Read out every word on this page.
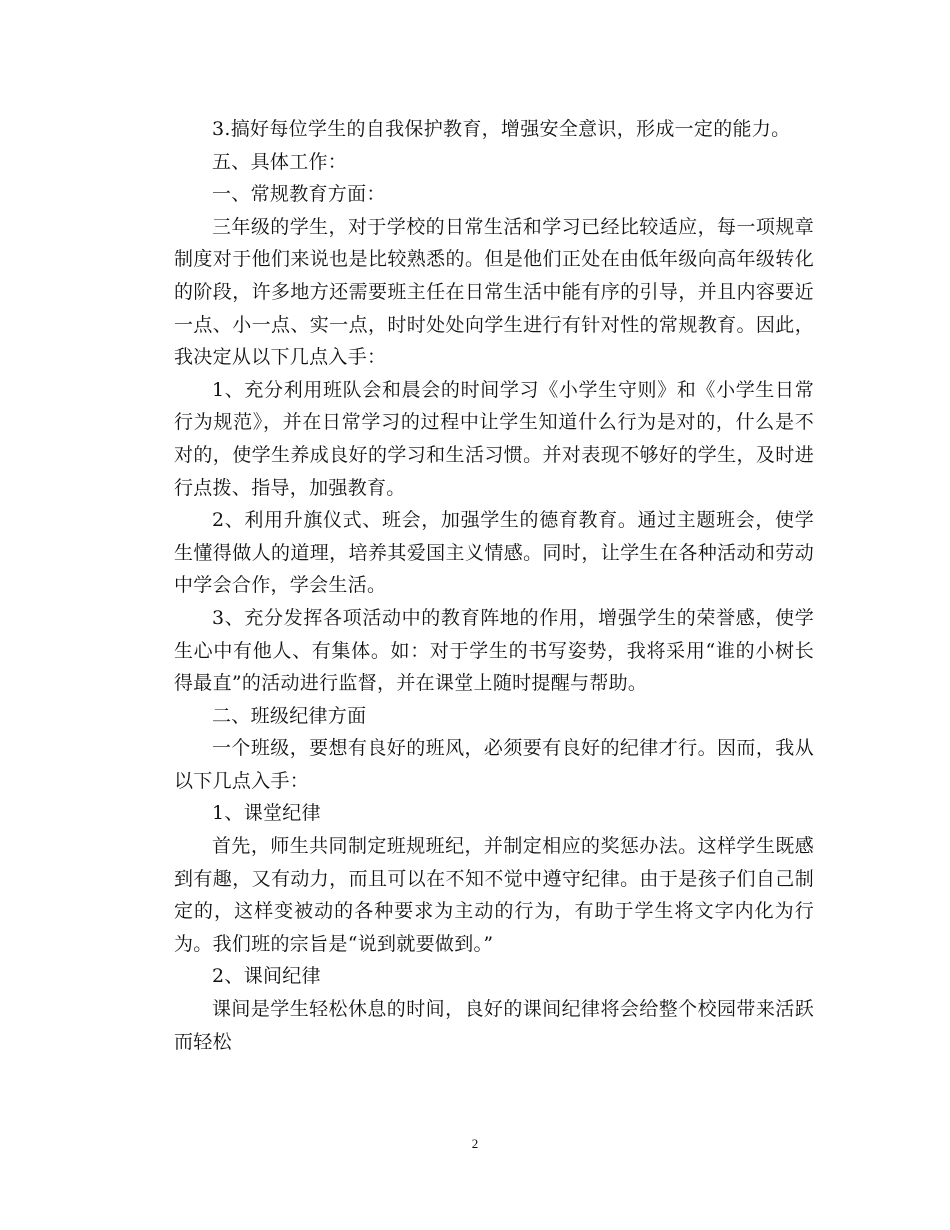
3.搞好每位学生的自我保护教育，增强安全意识，形成一定的能力。

五、具体工作：

一、常规教育方面：

三年级的学生，对于学校的日常生活和学习已经比较适应，每一项规章制度对于他们来说也是比较熟悉的。但是他们正处在由低年级向高年级转化的阶段，许多地方还需要班主任在日常生活中能有序的引导，并且内容要近一点、小一点、实一点，时时处处向学生进行有针对性的常规教育。因此，我决定从以下几点入手：

1、充分利用班队会和晨会的时间学习《小学生守则》和《小学生日常行为规范》，并在日常学习的过程中让学生知道什么行为是对的，什么是不对的，使学生养成良好的学习和生活习惯。并对表现不够好的学生，及时进行点拨、指导，加强教育。

2、利用升旗仪式、班会，加强学生的德育教育。通过主题班会，使学生懂得做人的道理，培养其爱国主义情感。同时，让学生在各种活动和劳动中学会合作，学会生活。

3、充分发挥各项活动中的教育阵地的作用，增强学生的荣誉感，使学生心中有他人、有集体。如：对于学生的书写姿势，我将采用“谁的小树长得最直”的活动进行监督，并在课堂上随时提醒与帮助。

二、班级纪律方面

一个班级，要想有良好的班风，必须要有良好的纪律才行。因而，我从以下几点入手：

1、课堂纪律

首先，师生共同制定班规班纪，并制定相应的奖惩办法。这样学生既感到有趣，又有动力，而且可以在不知不觉中遵守纪律。由于是孩子们自己制定的，这样变被动的各种要求为主动的行为，有助于学生将文字内化为行为。我们班的宗旨是“说到就要做到。”

2、课间纪律

课间是学生轻松休息的时间，良好的课间纪律将会给整个校园带来活跃而轻松

2
